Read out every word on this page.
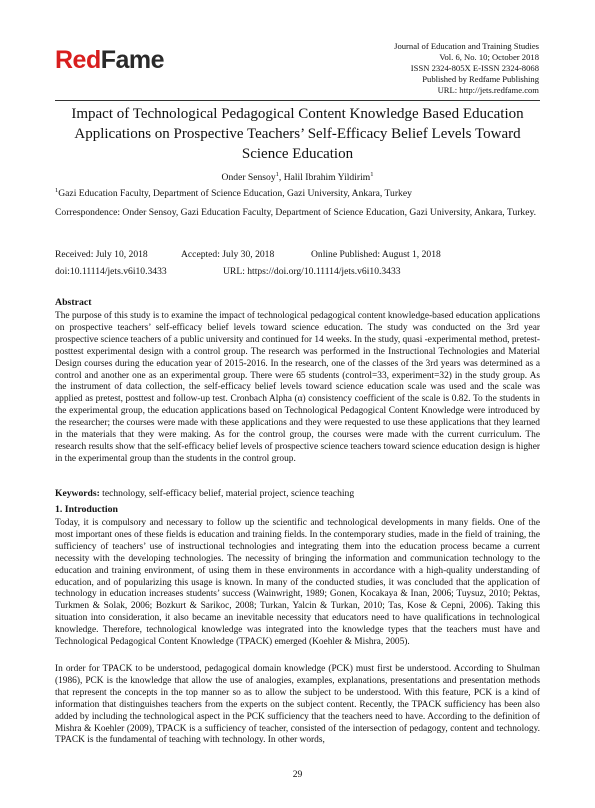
RedFame	Journal of Education and Training Studies
Vol. 6, No. 10; October 2018
ISSN 2324-805X E-ISSN 2324-8068
Published by Redfame Publishing
URL: http://jets.redfame.com
Impact of Technological Pedagogical Content Knowledge Based Education Applications on Prospective Teachers’ Self-Efficacy Belief Levels Toward Science Education
Onder Sensoy$^1$, Halil Ibrahim Yildirim$^1$
$^1$Gazi Education Faculty, Department of Science Education, Gazi University, Ankara, Turkey
Correspondence: Onder Sensoy, Gazi Education Faculty, Department of Science Education, Gazi University, Ankara, Turkey.
Received: July 10, 2018	Accepted: July 30, 2018	Online Published: August 1, 2018
doi:10.11114/jets.v6i10.3433	URL: https://doi.org/10.11114/jets.v6i10.3433
Abstract
The purpose of this study is to examine the impact of technological pedagogical content knowledge-based education applications on prospective teachers’ self-efficacy belief levels toward science education. The study was conducted on the 3rd year prospective science teachers of a public university and continued for 14 weeks. In the study, quasi -experimental method, pretest-posttest experimental design with a control group. The research was performed in the Instructional Technologies and Material Design courses during the education year of 2015-2016. In the research, one of the classes of the 3rd years was determined as a control and another one as an experimental group. There were 65 students (control=33, experiment=32) in the study group. As the instrument of data collection, the self-efficacy belief levels toward science education scale was used and the scale was applied as pretest, posttest and follow-up test. Cronbach Alpha (α) consistency coefficient of the scale is 0.82. To the students in the experimental group, the education applications based on Technological Pedagogical Content Knowledge were introduced by the researcher; the courses were made with these applications and they were requested to use these applications that they learned in the materials that they were making. As for the control group, the courses were made with the current curriculum. The research results show that the self-efficacy belief levels of prospective science teachers toward science education design is higher in the experimental group than the students in the control group.
Keywords: technology, self-efficacy belief, material project, science teaching
1. Introduction
Today, it is compulsory and necessary to follow up the scientific and technological developments in many fields. One of the most important ones of these fields is education and training fields. In the contemporary studies, made in the field of training, the sufficiency of teachers’ use of instructional technologies and integrating them into the education process became a current necessity with the developing technologies. The necessity of bringing the information and communication technology to the education and training environment, of using them in these environments in accordance with a high-quality understanding of education, and of popularizing this usage is known. In many of the conducted studies, it was concluded that the application of technology in education increases students’ success (Wainwright, 1989; Gonen, Kocakaya & Inan, 2006; Tuysuz, 2010; Pektas, Turkmen & Solak, 2006; Bozkurt & Sarikoc, 2008; Turkan, Yalcin & Turkan, 2010; Tas, Kose & Cepni, 2006). Taking this situation into consideration, it also became an inevitable necessity that educators need to have qualifications in technological knowledge. Therefore, technological knowledge was integrated into the knowledge types that the teachers must have and Technological Pedagogical Content Knowledge (TPACK) emerged (Koehler & Mishra, 2005).
In order for TPACK to be understood, pedagogical domain knowledge (PCK) must first be understood. According to Shulman (1986), PCK is the knowledge that allow the use of analogies, examples, explanations, presentations and presentation methods that represent the concepts in the top manner so as to allow the subject to be understood. With this feature, PCK is a kind of information that distinguishes teachers from the experts on the subject content. Recently, the TPACK sufficiency has been also added by including the technological aspect in the PCK sufficiency that the teachers need to have. According to the definition of Mishra & Koehler (2009), TPACK is a sufficiency of teacher, consisted of the intersection of pedagogy, content and technology. TPACK is the fundamental of teaching with technology. In other words,
29
